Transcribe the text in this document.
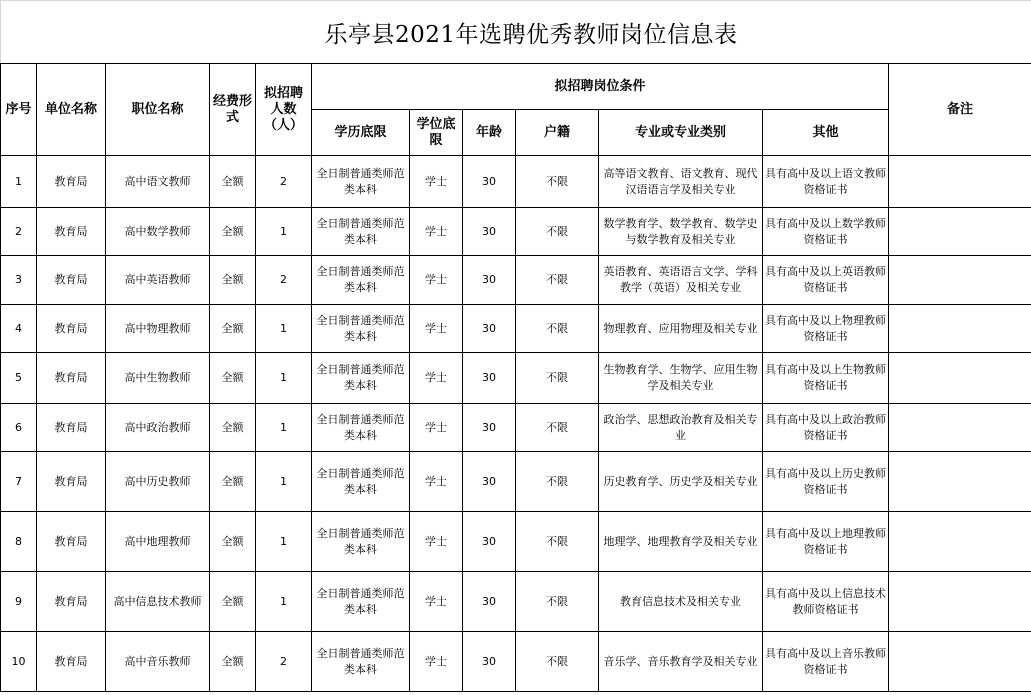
乐亭县2021年选聘优秀教师岗位信息表
序号	单位名称	职位名称	经费形式	拟招聘人数（人）	拟招聘岗位条件						备注
					学历底限	学位底限	年龄	户籍	专业或专业类别	其他	
1	教育局	高中语文教师	全额	2	全日制普通类师范类本科	学士	30	不限	高等语文教育、语文教育、现代汉语语言学及相关专业	具有高中及以上语文教师资格证书	
2	教育局	高中数学教师	全额	1	全日制普通类师范类本科	学士	30	不限	数学教育学、数学教育、数学史与数学教育及相关专业	具有高中及以上数学教师资格证书	
3	教育局	高中英语教师	全额	2	全日制普通类师范类本科	学士	30	不限	英语教育、英语语言文学、学科教学（英语）及相关专业	具有高中及以上英语教师资格证书	
4	教育局	高中物理教师	全额	1	全日制普通类师范类本科	学士	30	不限	物理教育、应用物理及相关专业	具有高中及以上物理教师资格证书	
5	教育局	高中生物教师	全额	1	全日制普通类师范类本科	学士	30	不限	生物教育学、生物学、应用生物学及相关专业	具有高中及以上生物教师资格证书	
6	教育局	高中政治教师	全额	1	全日制普通类师范类本科	学士	30	不限	政治学、思想政治教育及相关专业	具有高中及以上政治教师资格证书	
7	教育局	高中历史教师	全额	1	全日制普通类师范类本科	学士	30	不限	历史教育学、历史学及相关专业	具有高中及以上历史教师资格证书	
8	教育局	高中地理教师	全额	1	全日制普通类师范类本科	学士	30	不限	地理学、地理教育学及相关专业	具有高中及以上地理教师资格证书	
9	教育局	高中信息技术教师	全额	1	全日制普通类师范类本科	学士	30	不限	教育信息技术及相关专业	具有高中及以上信息技术教师资格证书	
10	教育局	高中音乐教师	全额	2	全日制普通类师范类本科	学士	30	不限	音乐学、音乐教育学及相关专业	具有高中及以上音乐教师资格证书	
